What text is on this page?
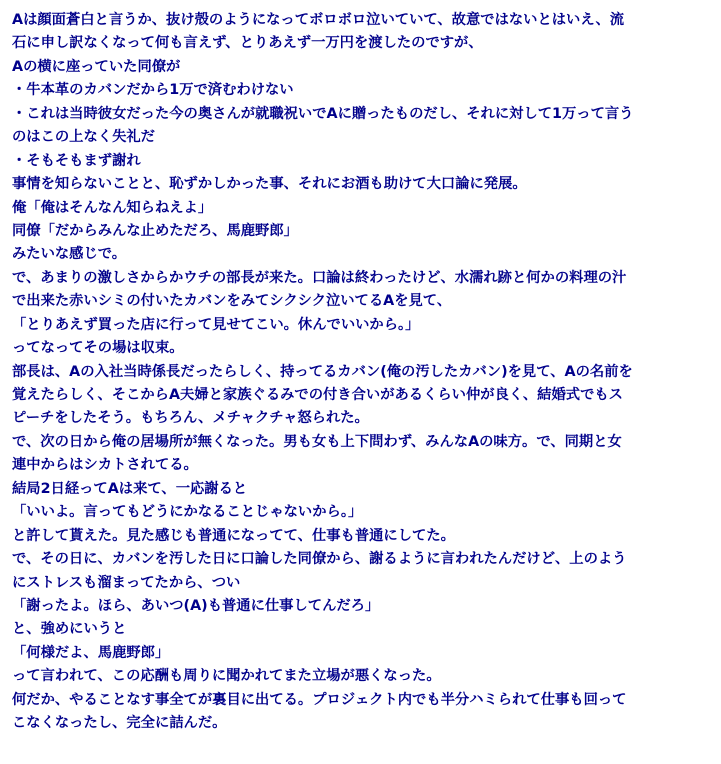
Aは顔面蒼白と言うか、抜け殻のようになってボロボロ泣いていて、故意ではないとはいえ、流

石に申し訳なくなって何も言えず、とりあえず一万円を渡したのですが、

Aの横に座っていた同僚が

・牛本革のカバンだから1万で済むわけない

・これは当時彼女だった今の奥さんが就職祝いでAに贈ったものだし、それに対して1万って言う

のはこの上なく失礼だ

・そもそもまず謝れ

事情を知らないことと、恥ずかしかった事、それにお酒も助けて大口論に発展。

俺「俺はそんなん知らねえよ」

同僚「だからみんな止めただろ、馬鹿野郎」

みたいな感じで。

で、あまりの激しさからかウチの部長が来た。口論は終わったけど、水濡れ跡と何かの料理の汁

で出来た赤いシミの付いたカバンをみてシクシク泣いてるAを見て、

「とりあえず買った店に行って見せてこい。休んでいいから。」

ってなってその場は収束。

部長は、Aの入社当時係長だったらしく、持ってるカバン(俺の汚したカバン)を見て、Aの名前を

覚えたらしく、そこからA夫婦と家族ぐるみでの付き合いがあるくらい仲が良く、結婚式でもス

ピーチをしたそう。もちろん、メチャクチャ怒られた。

で、次の日から俺の居場所が無くなった。男も女も上下問わず、みんなAの味方。で、同期と女

連中からはシカトされてる。

結局2日経ってAは来て、一応謝ると

「いいよ。言ってもどうにかなることじゃないから。」

と許して貰えた。見た感じも普通になってて、仕事も普通にしてた。

で、その日に、カバンを汚した日に口論した同僚から、謝るように言われたんだけど、上のよう

にストレスも溜まってたから、つい

「謝ったよ。ほら、あいつ(A)も普通に仕事してんだろ」

と、強めにいうと

「何様だよ、馬鹿野郎」

って言われて、この応酬も周りに聞かれてまた立場が悪くなった。

何だか、やることなす事全てが裏目に出てる。プロジェクト内でも半分ハミられて仕事も回って

こなくなったし、完全に詰んだ。
